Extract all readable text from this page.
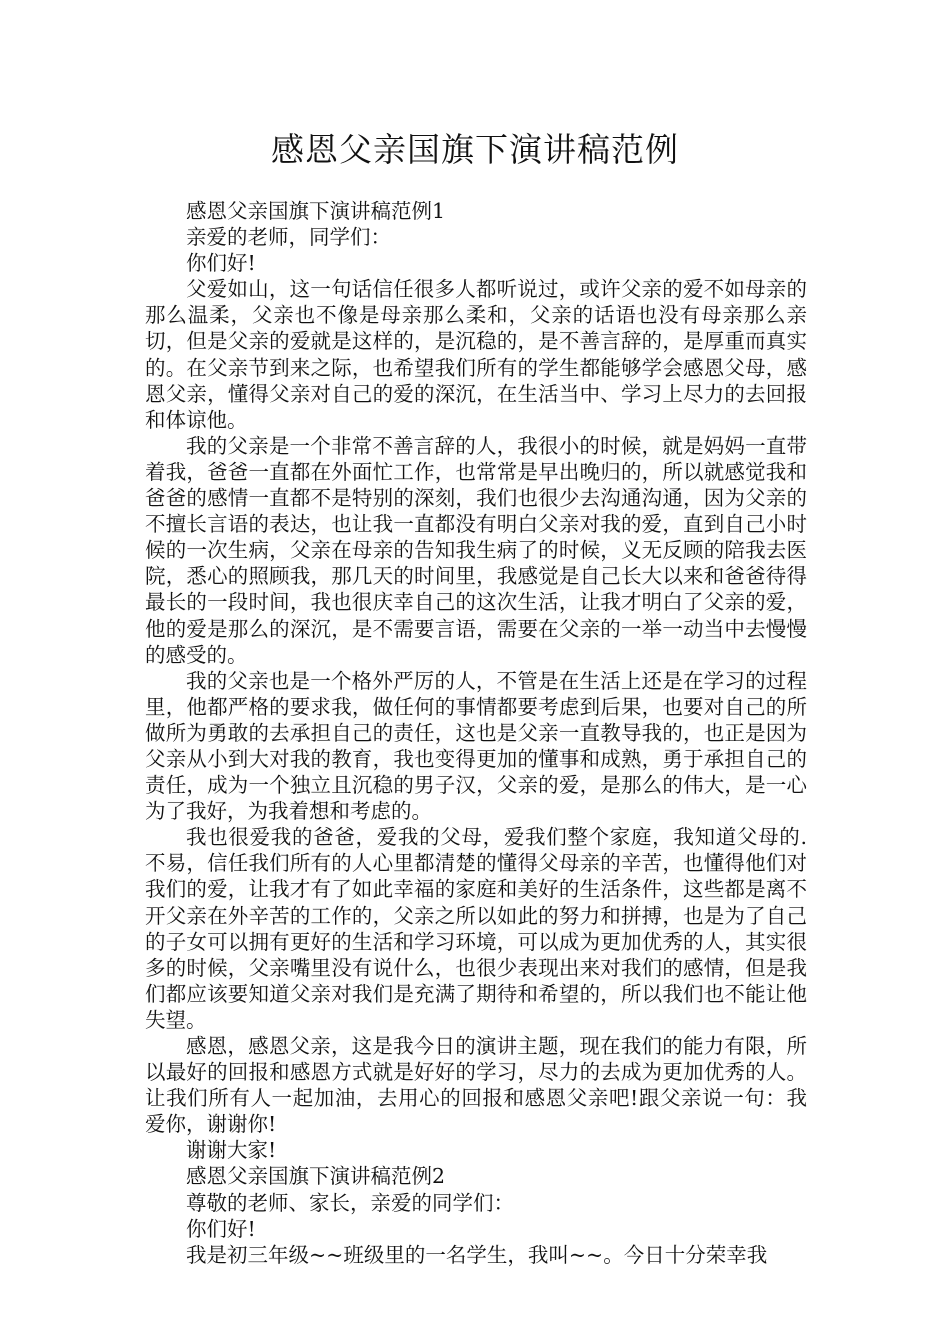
感恩父亲国旗下演讲稿范例

感恩父亲国旗下演讲稿范例1

亲爱的老师，同学们：

你们好!

父爱如山，这一句话信任很多人都听说过，或许父亲的爱不如母亲的那么温柔，父亲也不像是母亲那么柔和，父亲的话语也没有母亲那么亲切，但是父亲的爱就是这样的，是沉稳的，是不善言辞的，是厚重而真实的。在父亲节到来之际，也希望我们所有的学生都能够学会感恩父母，感恩父亲，懂得父亲对自己的爱的深沉，在生活当中、学习上尽力的去回报和体谅他。

我的父亲是一个非常不善言辞的人，我很小的时候，就是妈妈一直带着我，爸爸一直都在外面忙工作，也常常是早出晚归的，所以就感觉我和爸爸的感情一直都不是特别的深刻，我们也很少去沟通沟通，因为父亲的不擅长言语的表达，也让我一直都没有明白父亲对我的爱，直到自己小时候的一次生病，父亲在母亲的告知我生病了的时候，义无反顾的陪我去医院，悉心的照顾我，那几天的时间里，我感觉是自己长大以来和爸爸待得最长的一段时间，我也很庆幸自己的这次生活，让我才明白了父亲的爱，他的爱是那么的深沉，是不需要言语，需要在父亲的一举一动当中去慢慢的感受的。

我的父亲也是一个格外严厉的人，不管是在生活上还是在学习的过程里，他都严格的要求我，做任何的事情都要考虑到后果，也要对自己的所做所为勇敢的去承担自己的责任，这也是父亲一直教导我的，也正是因为父亲从小到大对我的教育，我也变得更加的懂事和成熟，勇于承担自己的责任，成为一个独立且沉稳的男子汉，父亲的爱，是那么的伟大，是一心为了我好，为我着想和考虑的。

我也很爱我的爸爸，爱我的父母，爱我们整个家庭，我知道父母的.不易，信任我们所有的人心里都清楚的懂得父母亲的辛苦，也懂得他们对我们的爱，让我才有了如此幸福的家庭和美好的生活条件，这些都是离不开父亲在外辛苦的工作的，父亲之所以如此的努力和拼搏，也是为了自己的子女可以拥有更好的生活和学习环境，可以成为更加优秀的人，其实很多的时候，父亲嘴里没有说什么，也很少表现出来对我们的感情，但是我们都应该要知道父亲对我们是充满了期待和希望的，所以我们也不能让他失望。

感恩，感恩父亲，这是我今日的演讲主题，现在我们的能力有限，所以最好的回报和感恩方式就是好好的学习，尽力的去成为更加优秀的人。让我们所有人一起加油，去用心的回报和感恩父亲吧!跟父亲说一句：我爱你，谢谢你!

谢谢大家!

感恩父亲国旗下演讲稿范例2

尊敬的老师、家长，亲爱的同学们：

你们好!

我是初三年级~~班级里的一名学生，我叫~~。今日十分荣幸我
